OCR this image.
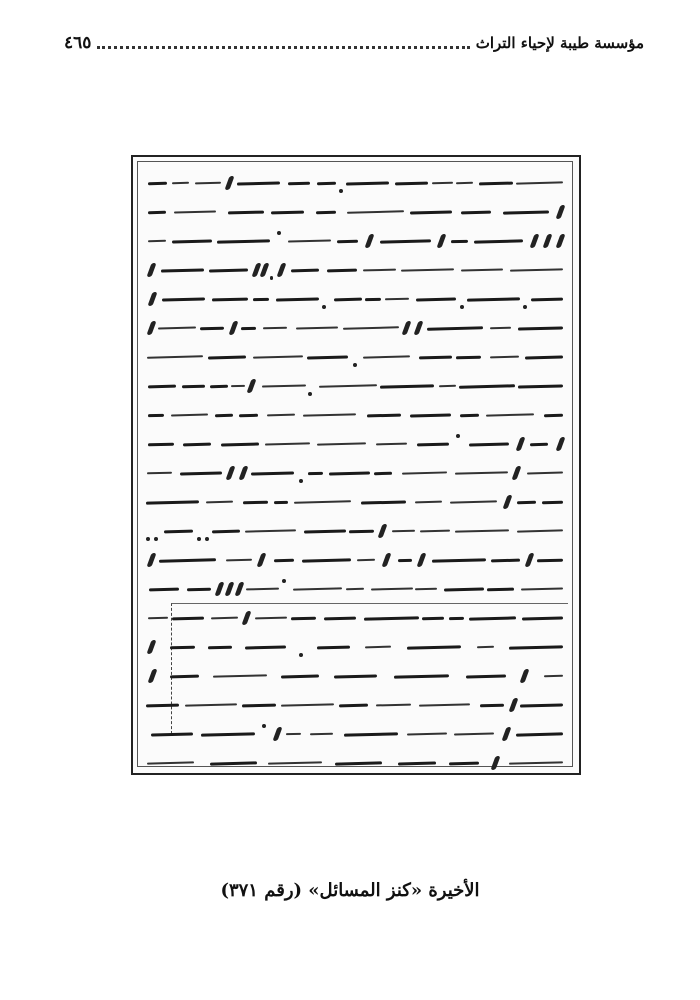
مؤسسة طيبة لإحياء التراث
٤٦٥
الأخيرة «كنز المسائل» (رقم ٣٧١)
